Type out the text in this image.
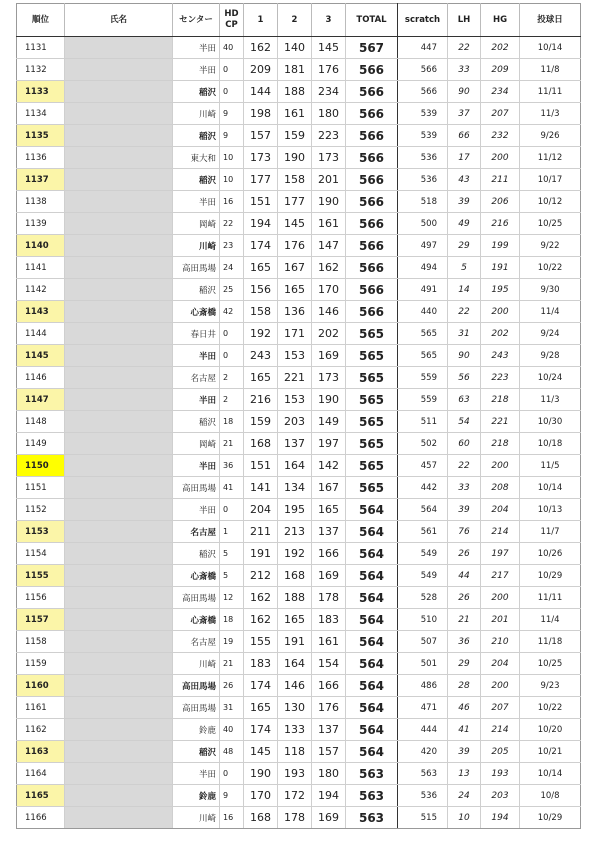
順位	氏名	センター	HD
CP	1	2	3	TOTAL	scratch	LH	HG	投球日
1131		半田	40	162	140	145	567	447	22	202	10/14
1132		半田	0	209	181	176	566	566	33	209	11/8
1133		稲沢	0	144	188	234	566	566	90	234	11/11
1134		川崎	9	198	161	180	566	539	37	207	11/3
1135		稲沢	9	157	159	223	566	539	66	232	9/26
1136		東大和	10	173	190	173	566	536	17	200	11/12
1137		稲沢	10	177	158	201	566	536	43	211	10/17
1138		半田	16	151	177	190	566	518	39	206	10/12
1139		岡崎	22	194	145	161	566	500	49	216	10/25
1140		川崎	23	174	176	147	566	497	29	199	9/22
1141		高田馬場	24	165	167	162	566	494	5	191	10/22
1142		稲沢	25	156	165	170	566	491	14	195	9/30
1143		心斎橋	42	158	136	146	566	440	22	200	11/4
1144		春日井	0	192	171	202	565	565	31	202	9/24
1145		半田	0	243	153	169	565	565	90	243	9/28
1146		名古屋	2	165	221	173	565	559	56	223	10/24
1147		半田	2	216	153	190	565	559	63	218	11/3
1148		稲沢	18	159	203	149	565	511	54	221	10/30
1149		岡崎	21	168	137	197	565	502	60	218	10/18
1150		半田	36	151	164	142	565	457	22	200	11/5
1151		高田馬場	41	141	134	167	565	442	33	208	10/14
1152		半田	0	204	195	165	564	564	39	204	10/13
1153		名古屋	1	211	213	137	564	561	76	214	11/7
1154		稲沢	5	191	192	166	564	549	26	197	10/26
1155		心斎橋	5	212	168	169	564	549	44	217	10/29
1156		高田馬場	12	162	188	178	564	528	26	200	11/11
1157		心斎橋	18	162	165	183	564	510	21	201	11/4
1158		名古屋	19	155	191	161	564	507	36	210	11/18
1159		川崎	21	183	164	154	564	501	29	204	10/25
1160		高田馬場	26	174	146	166	564	486	28	200	9/23
1161		高田馬場	31	165	130	176	564	471	46	207	10/22
1162		鈴鹿	40	174	133	137	564	444	41	214	10/20
1163		稲沢	48	145	118	157	564	420	39	205	10/21
1164		半田	0	190	193	180	563	563	13	193	10/14
1165		鈴鹿	9	170	172	194	563	536	24	203	10/8
1166		川崎	16	168	178	169	563	515	10	194	10/29
